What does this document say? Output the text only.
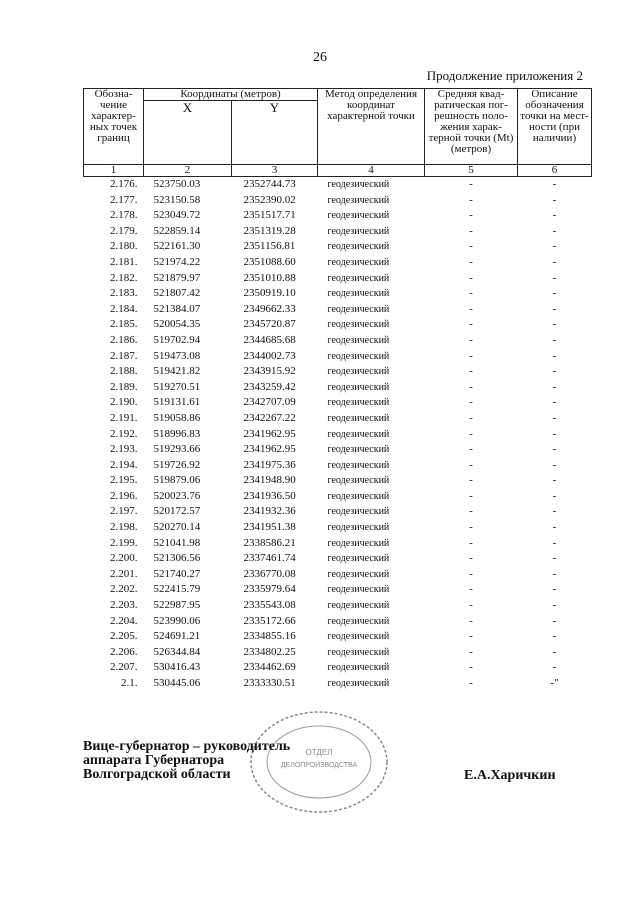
26
Продолжение приложения 2
Обозна-чение характер-ных точек границ	Координаты (метров)		Метод определения координат характерной точки	Средняя квад-ратическая пог-решность поло-жения харак-терной точки (Mt) (метров)	Описание обозначения точки на мест-ности (при наличии)
	X	Y			
1	2	3	4	5	6
2.176.	523750.03	2352744.73	геодезический	-	-
2.177.	523150.58	2352390.02	геодезический	-	-
2.178.	523049.72	2351517.71	геодезический	-	-
2.179.	522859.14	2351319.28	геодезический	-	-
2.180.	522161.30	2351156.81	геодезический	-	-
2.181.	521974.22	2351088.60	геодезический	-	-
2.182.	521879.97	2351010.88	геодезический	-	-
2.183.	521807.42	2350919.10	геодезический	-	-
2.184.	521384.07	2349662.33	геодезический	-	-
2.185.	520054.35	2345720.87	геодезический	-	-
2.186.	519702.94	2344685.68	геодезический	-	-
2.187.	519473.08	2344002.73	геодезический	-	-
2.188.	519421.82	2343915.92	геодезический	-	-
2.189.	519270.51	2343259.42	геодезический	-	-
2.190.	519131.61	2342707.09	геодезический	-	-
2.191.	519058.86	2342267.22	геодезический	-	-
2.192.	518996.83	2341962.95	геодезический	-	-
2.193.	519293.66	2341962.95	геодезический	-	-
2.194.	519726.92	2341975.36	геодезический	-	-
2.195.	519879.06	2341948.90	геодезический	-	-
2.196.	520023.76	2341936.50	геодезический	-	-
2.197.	520172.57	2341932.36	геодезический	-	-
2.198.	520270.14	2341951.38	геодезический	-	-
2.199.	521041.98	2338586.21	геодезический	-	-
2.200.	521306.56	2337461.74	геодезический	-	-
2.201.	521740.27	2336770.08	геодезический	-	-
2.202.	522415.79	2335979.64	геодезический	-	-
2.203.	522987.95	2335543.08	геодезический	-	-
2.204.	523990.06	2335172.66	геодезический	-	-
2.205.	524691.21	2334855.16	геодезический	-	-
2.206.	526344.84	2334802.25	геодезический	-	-
2.207.	530416.43	2334462.69	геодезический	-	-
2.1.	530445.06	2333330.51	геодезический	-	-"
ОТДЕЛ
ДЕЛОПРОИЗВОДСТВА
Вице-губернатор – руководитель
аппарата Губернатора
Волгоградской области	Е.А.Харичкин
